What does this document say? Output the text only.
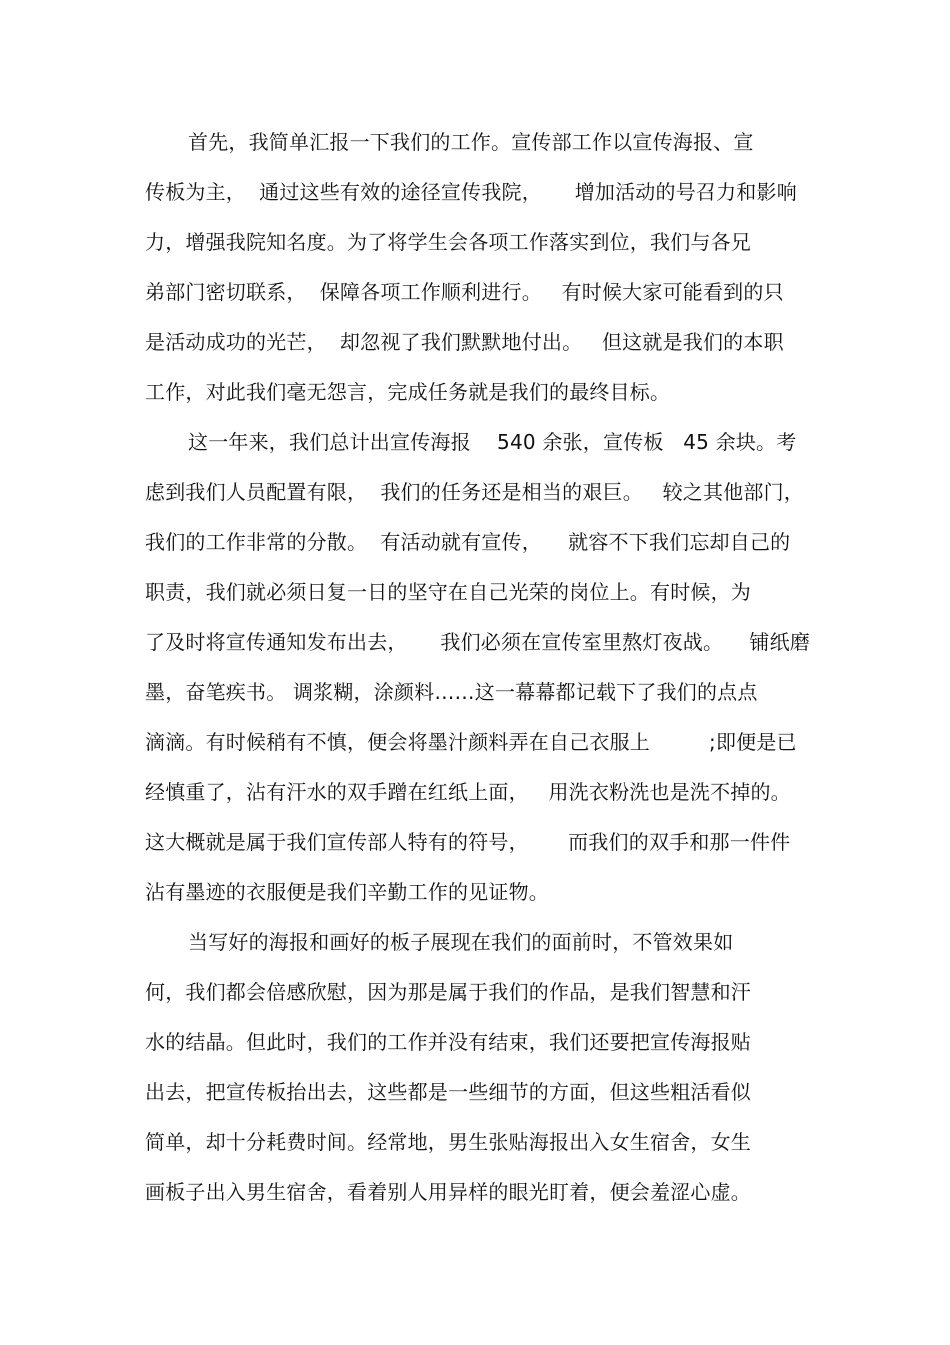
首先，我简单汇报一下我们的工作。宣传部工作以宣传海报、宣
传板为主，  通过这些有效的途径宣传我院，     增加活动的号召力和影响
力，增强我院知名度。为了将学生会各项工作落实到位，我们与各兄
弟部门密切联系，  保障各项工作顺利进行。   有时候大家可能看到的只
是活动成功的光芒，  却忽视了我们默默地付出。   但这就是我们的本职
工作，对此我们毫无怨言，完成任务就是我们的最终目标。
这一年来，我们总计出宣传海报    540 余张，宣传板   45 余块。考
虑到我们人员配置有限，  我们的任务还是相当的艰巨。   较之其他部门，
我们的工作非常的分散。  有活动就有宣传，    就容不下我们忘却自己的
职责，我们就必须日复一日的坚守在自己光荣的岗位上。有时候，为
了及时将宣传通知发布出去，     我们必须在宣传室里熬灯夜战。    铺纸磨
墨，奋笔疾书。 调浆糊，涂颜料……这一幕幕都记载下了我们的点点
滴滴。有时候稍有不慎，便会将墨汁颜料弄在自己衣服上         ;即便是已
经慎重了，沾有汗水的双手蹭在红纸上面，   用洗衣粉洗也是洗不掉的。
这大概就是属于我们宣传部人特有的符号，      而我们的双手和那一件件
沾有墨迹的衣服便是我们辛勤工作的见证物。
当写好的海报和画好的板子展现在我们的面前时，不管效果如
何，我们都会倍感欣慰，因为那是属于我们的作品，是我们智慧和汗
水的结晶。但此时，我们的工作并没有结束，我们还要把宣传海报贴
出去，把宣传板抬出去，这些都是一些细节的方面，但这些粗活看似
简单，却十分耗费时间。经常地，男生张贴海报出入女生宿舍，女生
画板子出入男生宿舍，看着别人用异样的眼光盯着，便会羞涩心虚。
